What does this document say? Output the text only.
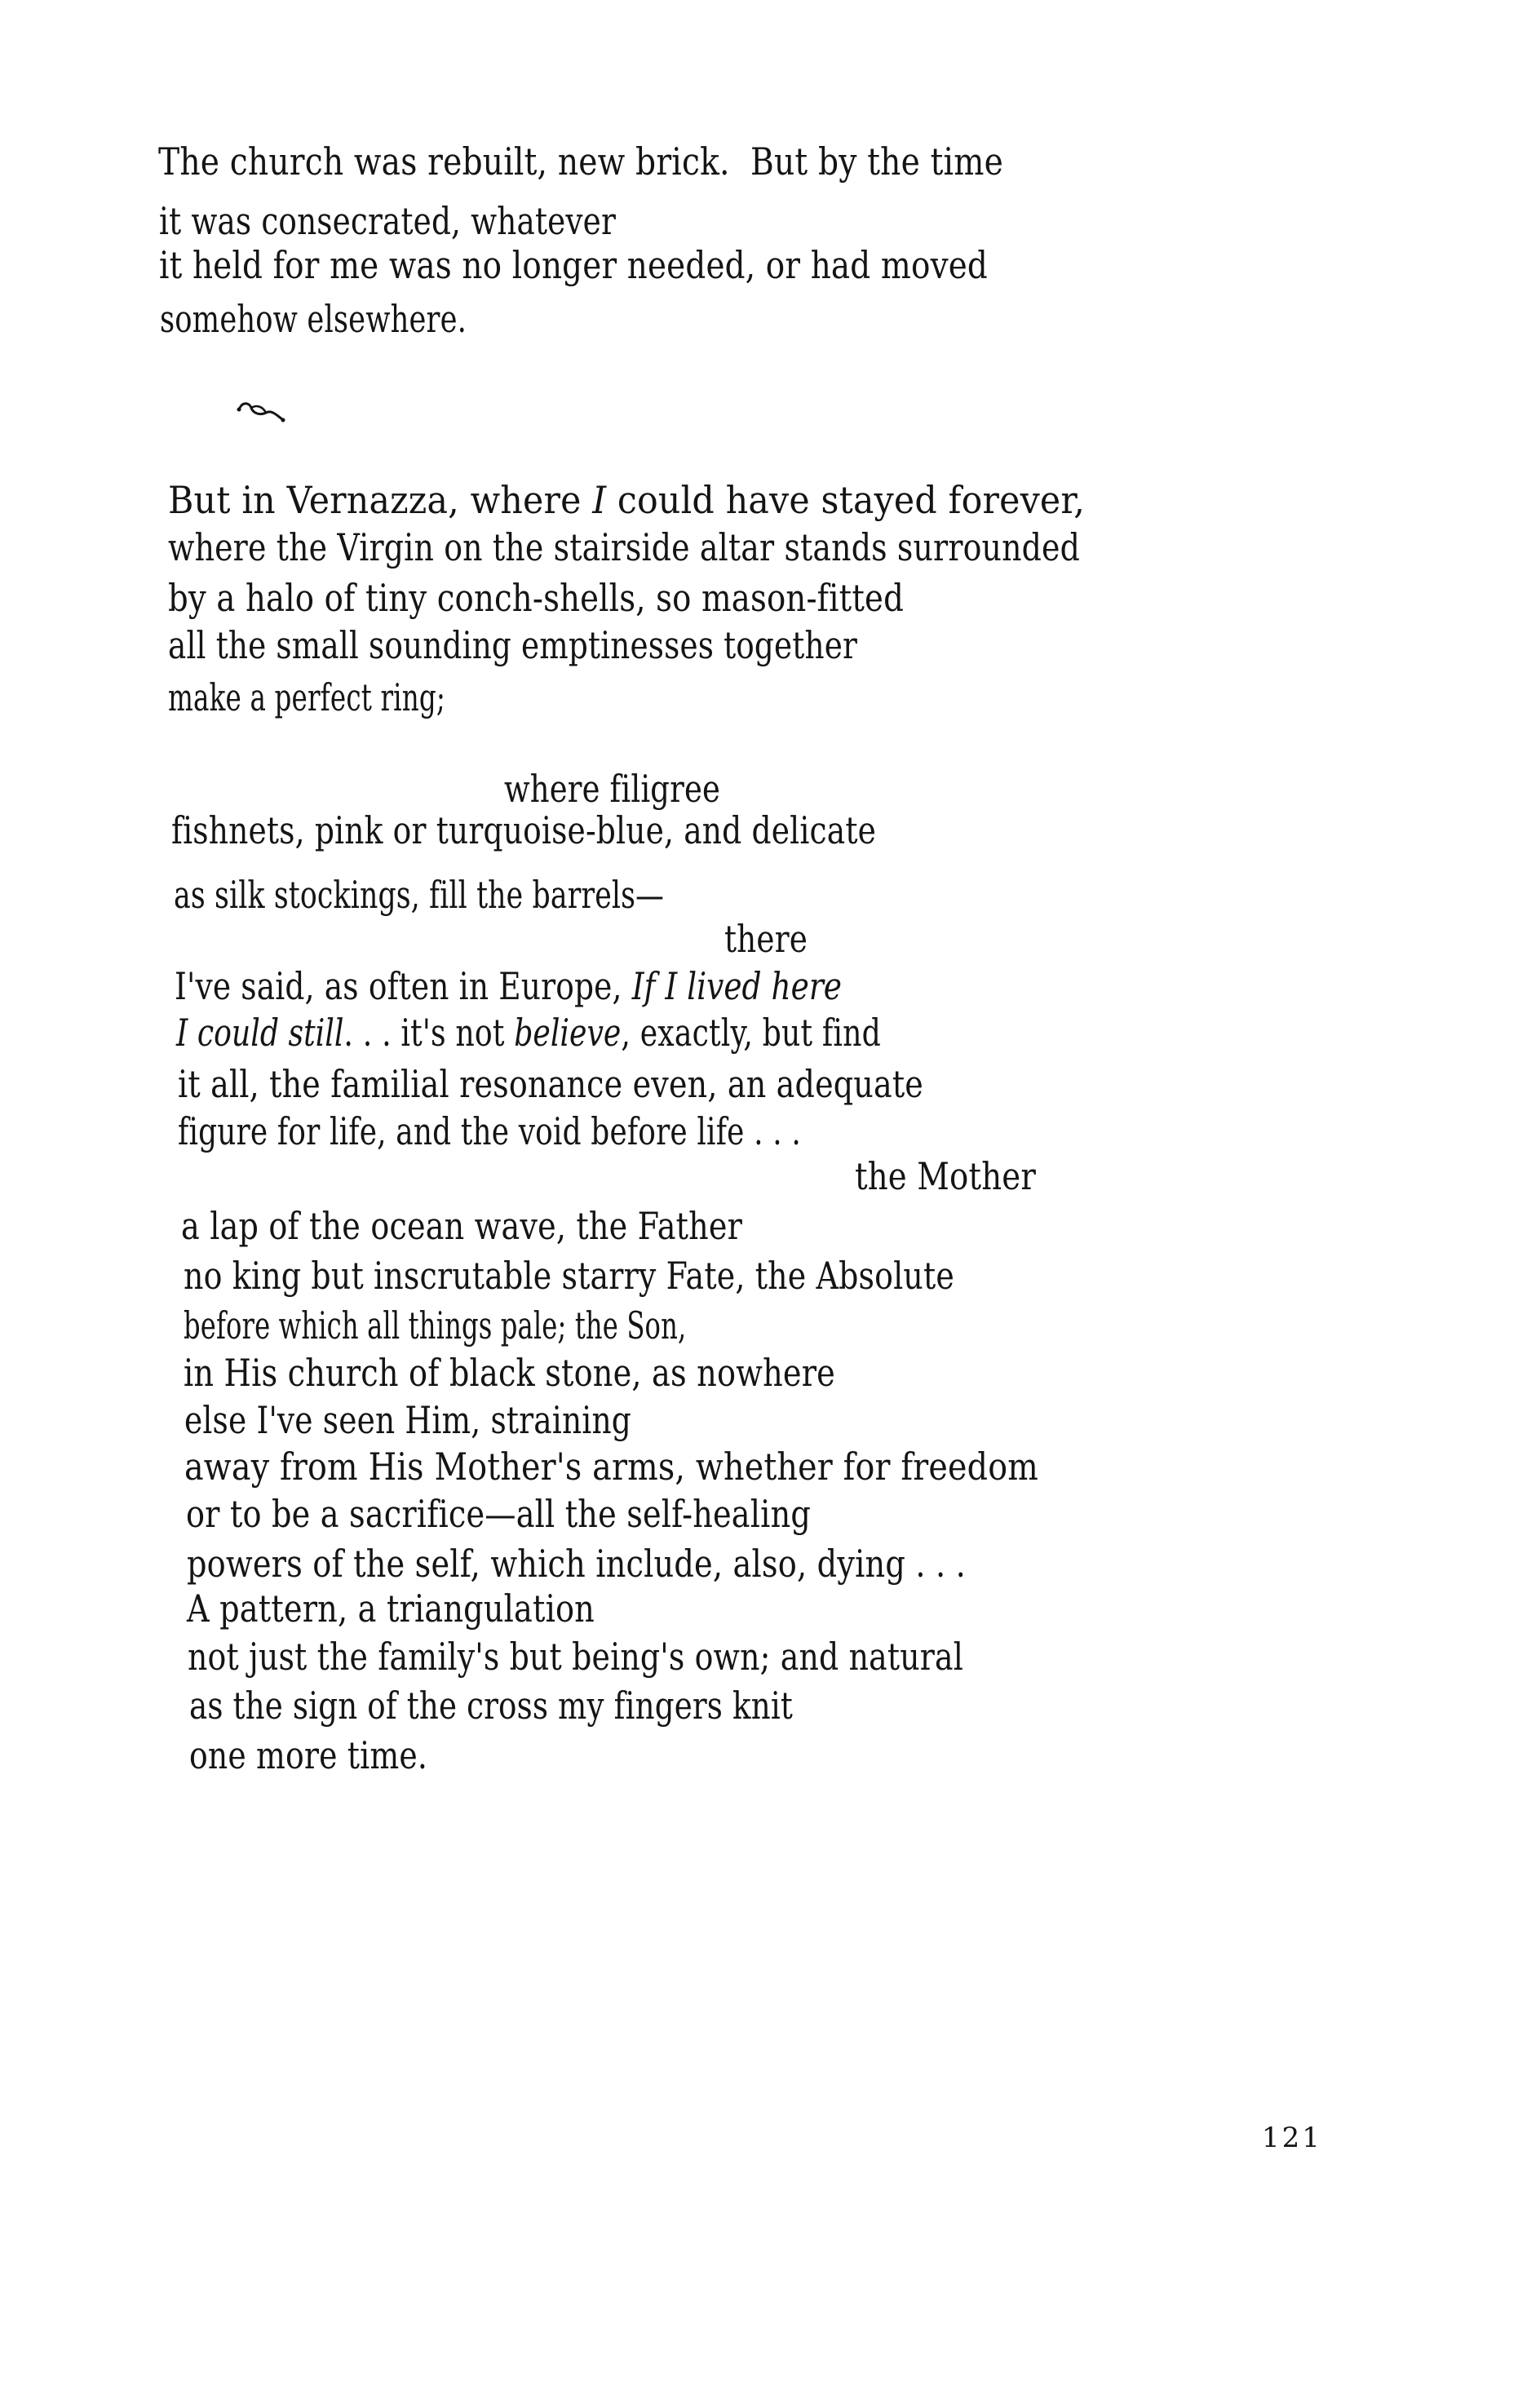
The church was rebuilt, new brick.  But by the time
it was consecrated, whatever
it held for me was no longer needed, or had moved
somehow elsewhere.
But in Vernazza, where I could have stayed forever,
where the Virgin on the stairside altar stands surrounded
by a halo of tiny conch-shells, so mason-fitted
all the small sounding emptinesses together
make a perfect ring;
where filigree
fishnets, pink or turquoise-blue, and delicate
as silk stockings, fill the barrels—
there
I've said, as often in Europe, If I lived here
I could still. . . it's not believe, exactly, but find
it all, the familial resonance even, an adequate
figure for life, and the void before life . . .
the Mother
a lap of the ocean wave, the Father
no king but inscrutable starry Fate, the Absolute
before which all things pale; the Son,
in His church of black stone, as nowhere
else I've seen Him, straining
away from His Mother's arms, whether for freedom
or to be a sacrifice—all the self-healing
powers of the self, which include, also, dying . . .
A pattern, a triangulation
not just the family's but being's own; and natural
as the sign of the cross my fingers knit
one more time.
121
